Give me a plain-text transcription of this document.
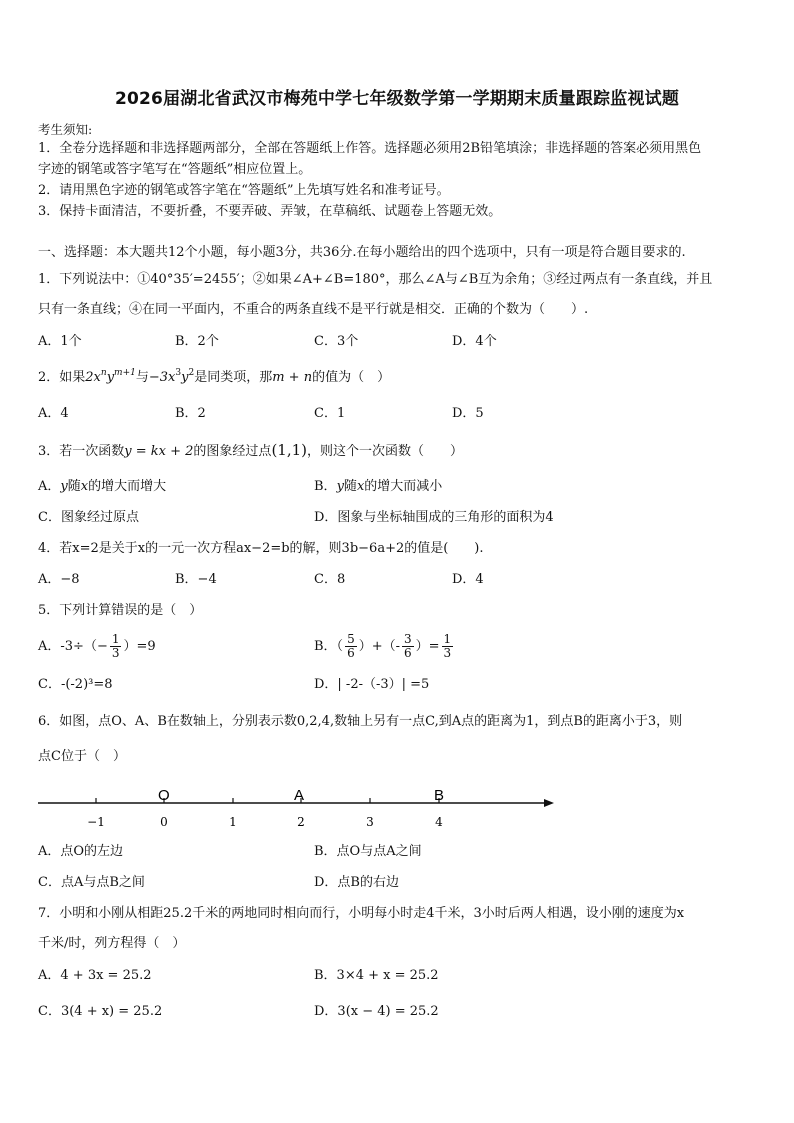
2026届湖北省武汉市梅苑中学七年级数学第一学期期末质量跟踪监视试题
考生须知:
1．全卷分选择题和非选择题两部分，全部在答题纸上作答。选择题必须用2B铅笔填涂；非选择题的答案必须用黑色
字迹的钢笔或答字笔写在“答题纸”相应位置上。
2．请用黑色字迹的钢笔或答字笔在“答题纸”上先填写姓名和准考证号。
3．保持卡面清洁，不要折叠，不要弄破、弄皱，在草稿纸、试题卷上答题无效。
一、选择题：本大题共12个小题，每小题3分，共36分.在每小题给出的四个选项中，只有一项是符合题目要求的.
1．下列说法中：①40°35′=2455′；②如果∠A+∠B=180°，那么∠A与∠B互为余角；③经过两点有一条直线，并且
只有一条直线；④在同一平面内，不重合的两条直线不是平行就是相交．正确的个数为（　　）.
A．1个	B．2个	C．3个	D．4个
2．如果$2x^ny^{m+1}$与$-3x^3y^2$是同类项，那m + n的值为（　）
A．4	B．2	C．1	D．5
3．若一次函数y = kx + 2的图象经过点(1,1)，则这个一次函数（　　）
A．y随x的增大而增大	B．y随x的增大而减小
C．图象经过原点	D．图象与坐标轴围成的三角形的面积为4
4．若x=2是关于x的一元一次方程ax−2=b的解，则3b−6a+2的值是(　　).
A．−8	B．−4	C．8	D．4
5．下列计算错误的是（　）
A．$-3\div(- \frac{1}{3} )=9$	B．（ $\frac{5}{6}$ ）+（- $\frac{3}{6}$ ）= $\frac{1}{3}$
C．-(-2)³=8	D．| -2-（-3）| =5
6．如图，点O、A、B在数轴上，分别表示数0,2,4,数轴上另有一点C,到A点的距离为1，到点B的距离小于3，则
点C位于（　）
O	A	B
−1	0	1	2	3	4
A．点O的左边	B．点O与点A之间
C．点A与点B之间	D．点B的右边
7．小明和小刚从相距25.2千米的两地同时相向而行，小明每小时走4千米，3小时后两人相遇，设小刚的速度为x
千米/时，列方程得（　）
A．4 + 3x = 25.2	B．3×4 + x = 25.2
C．3(4 + x) = 25.2	D．3(x − 4) = 25.2
